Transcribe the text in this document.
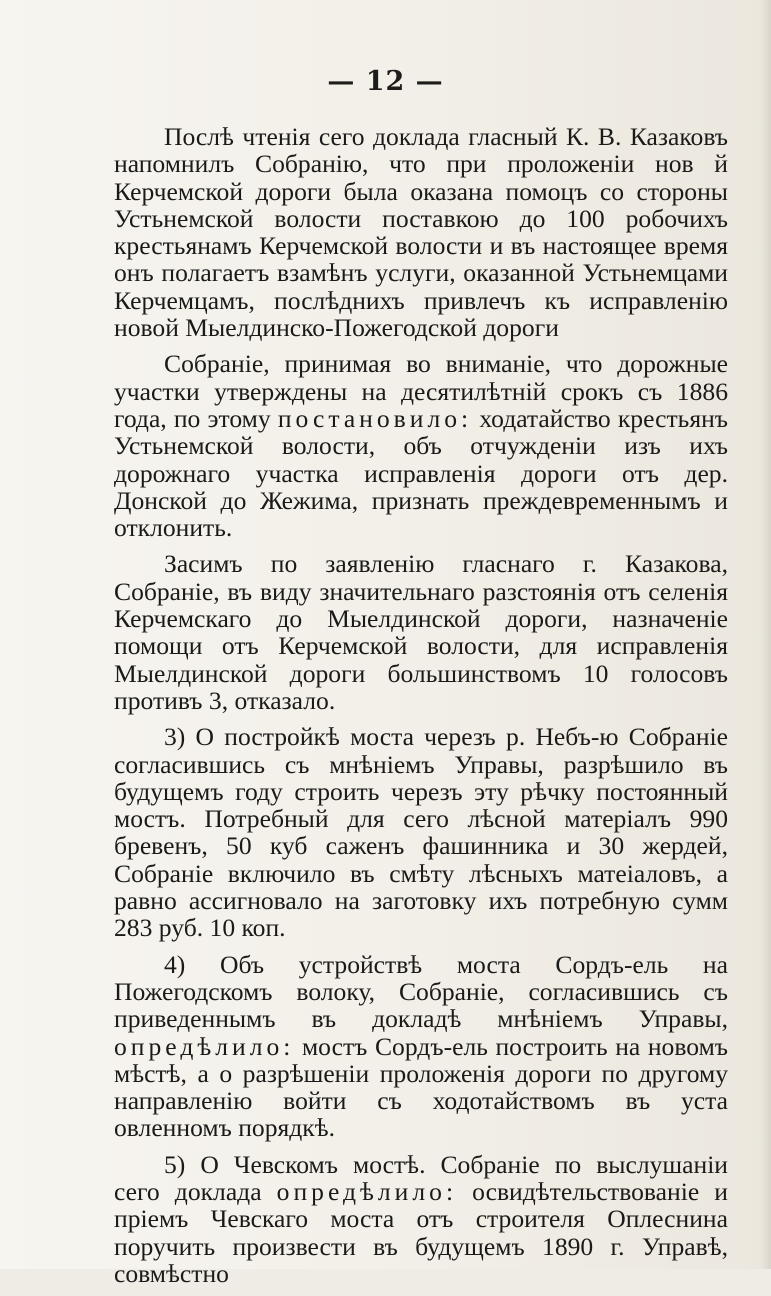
— 12 —

Послѣ чтенія сего доклада гласный К. В. Казаковъ напомнилъ Собранію, что при проложеніи нов й Керчемской дороги была оказана помоцъ со стороны Устьнемской волости поставкою до 100 робочихъ крестьянамъ Керчемской волости и въ настоящее время онъ полагаетъ взамѣнъ услуги, оказанной Устьнемцами Керчемцамъ, послѣднихъ привлечъ къ исправленію новой Мыелдинско-Пожегодской дороги

Собраніе, принимая во вниманіе, что дорожные участки утверждены на десятилѣтній срокъ съ 1886 года, по этому постановило: ходатайство крестьянъ Устьнемской волости, объ отчужденіи изъ ихъ дорожнаго участка исправленія дороги отъ дер. Донской до Жежима, признать преждевременнымъ и отклонить.

Засимъ по заявленію гласнаго г. Казакова, Собраніе, въ виду значительнаго разстоянія отъ селенія Керчемскаго до Мыелдинской дороги, назначеніе помощи отъ Керчемской волости, для исправленія Мыелдинской дороги большинствомъ 10 голосовъ противъ 3, отказало.

3) О постройкѣ моста черезъ р. Небъ-ю Собраніе согласившись съ мнѣніемъ Управы, разрѣшило въ будущемъ году строить черезъ эту рѣчку постоянный мостъ. Потребный для сего лѣсной матеріалъ 990 бревенъ, 50 куб саженъ фашинника и 30 жердей, Собраніе включило въ смѣту лѣсныхъ матеіаловъ, а равно ассигновало на заготовку ихъ потребную сумм 283 руб. 10 коп.

4) Объ устройствѣ моста Сордъ-ель на Пожегодскомъ волоку, Собраніе, согласившись съ приведеннымъ въ докладѣ мнѣніемъ Управы, опредѣлило: мостъ Сордъ-ель построить на новомъ мѣстѣ, а о разрѣшеніи проложенія дороги по другому направленію войти съ ходотайствомъ въ уста овленномъ порядкѣ.

5) О Чевскомъ мостѣ. Собраніе по выслушаніи сего доклада опредѣлило: освидѣтельствованіе и пріемъ Чевскаго моста отъ строителя Оплеснина поручить произвести въ будущемъ 1890 г. Управѣ, совмѣстно
